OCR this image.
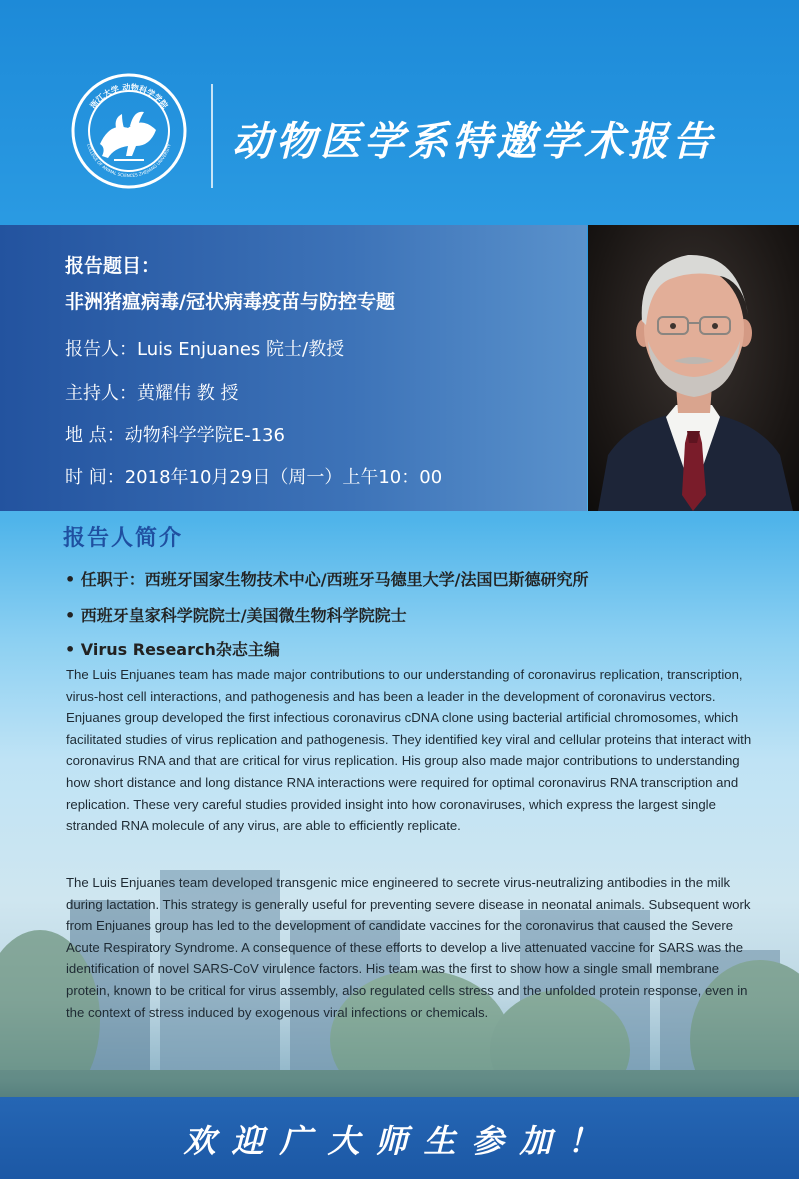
浙江大学 动物科学学院
COLLEGE OF ANIMAL SCIENCES ZHEJIANG UNIVERSITY 动物医学系特邀学术报告
报告题目：
非洲猪瘟病毒/冠状病毒疫苗与防控专题
报告人：Luis Enjuanes 院士/教授
主持人：黄耀伟 教 授
地 点：动物科学学院E-136
时 间：2018年10月29日（周一）上午10：00
报告人简介
• 任职于：西班牙国家生物技术中心/西班牙马德里大学/法国巴斯德研究所
• 西班牙皇家科学院院士/美国微生物科学院院士
• Virus Research杂志主编
The Luis Enjuanes team has made major contributions to our understanding of coronavirus replication, transcription, virus-host cell interactions, and pathogenesis and has been a leader in the development of coronavirus vectors. Enjuanes group developed the first infectious coronavirus cDNA clone using bacterial artificial chromosomes, which facilitated studies of virus replication and pathogenesis. They identified key viral and cellular proteins that interact with coronavirus RNA and that are critical for virus replication. His group also made major contributions to understanding how short distance and long distance RNA interactions were required for optimal coronavirus RNA transcription and replication. These very careful studies provided insight into how coronaviruses, which express the largest single stranded RNA molecule of any virus, are able to efficiently replicate.
The Luis Enjuanes team developed transgenic mice engineered to secrete virus-neutralizing antibodies in the milk during lactation. This strategy is generally useful for preventing severe disease in neonatal animals. Subsequent work from Enjuanes group has led to the development of candidate vaccines for the coronavirus that caused the Severe Acute Respiratory Syndrome. A consequence of these efforts to develop a live attenuated vaccine for SARS was the identification of novel SARS-CoV virulence factors. His team was the first to show how a single small membrane protein, known to be critical for virus assembly, also regulated cells stress and the unfolded protein response, even in the context of stress induced by exogenous viral infections or chemicals.
欢迎广大师生参加！
